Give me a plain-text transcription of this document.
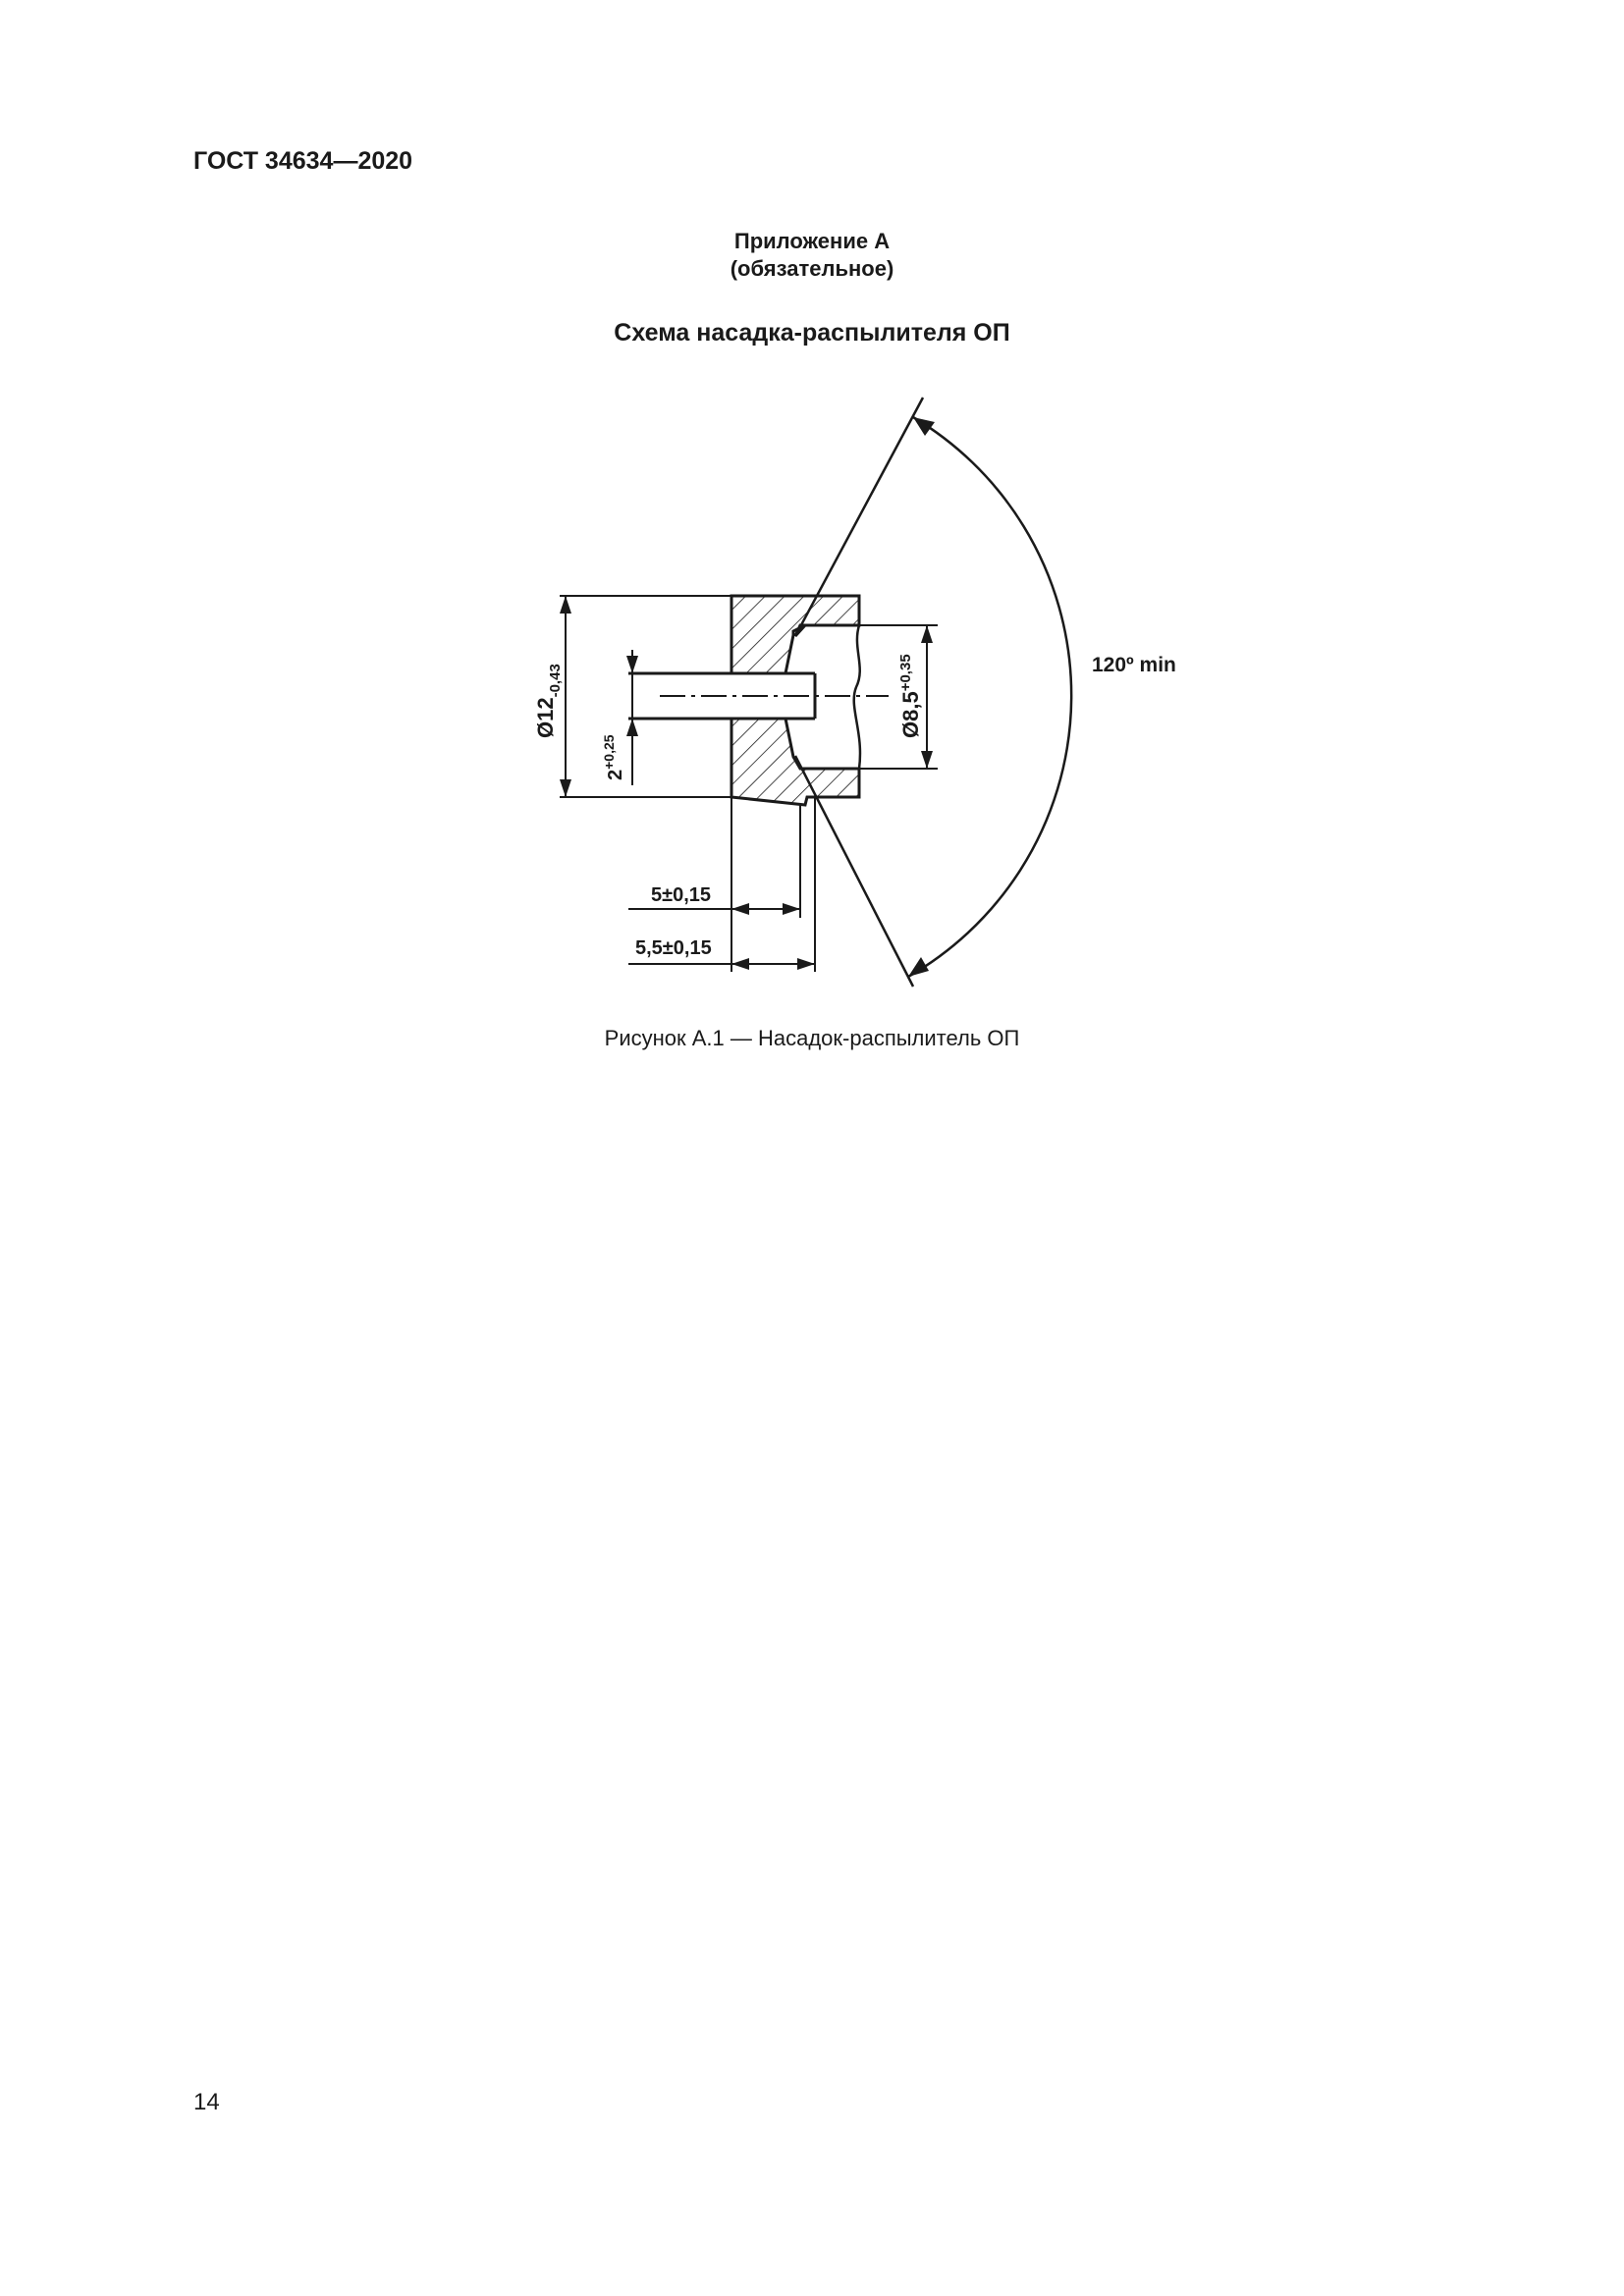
ГОСТ 34634—2020
Приложение А
(обязательное)
Схема насадка-распылителя ОП
$Ø12_{-0,43}$
$2^{+0,25}$
$Ø8,5^{+0,35}$	120º min
5±0,15
5,5±0,15
Рисунок А.1 — Насадок-распылитель ОП
14
